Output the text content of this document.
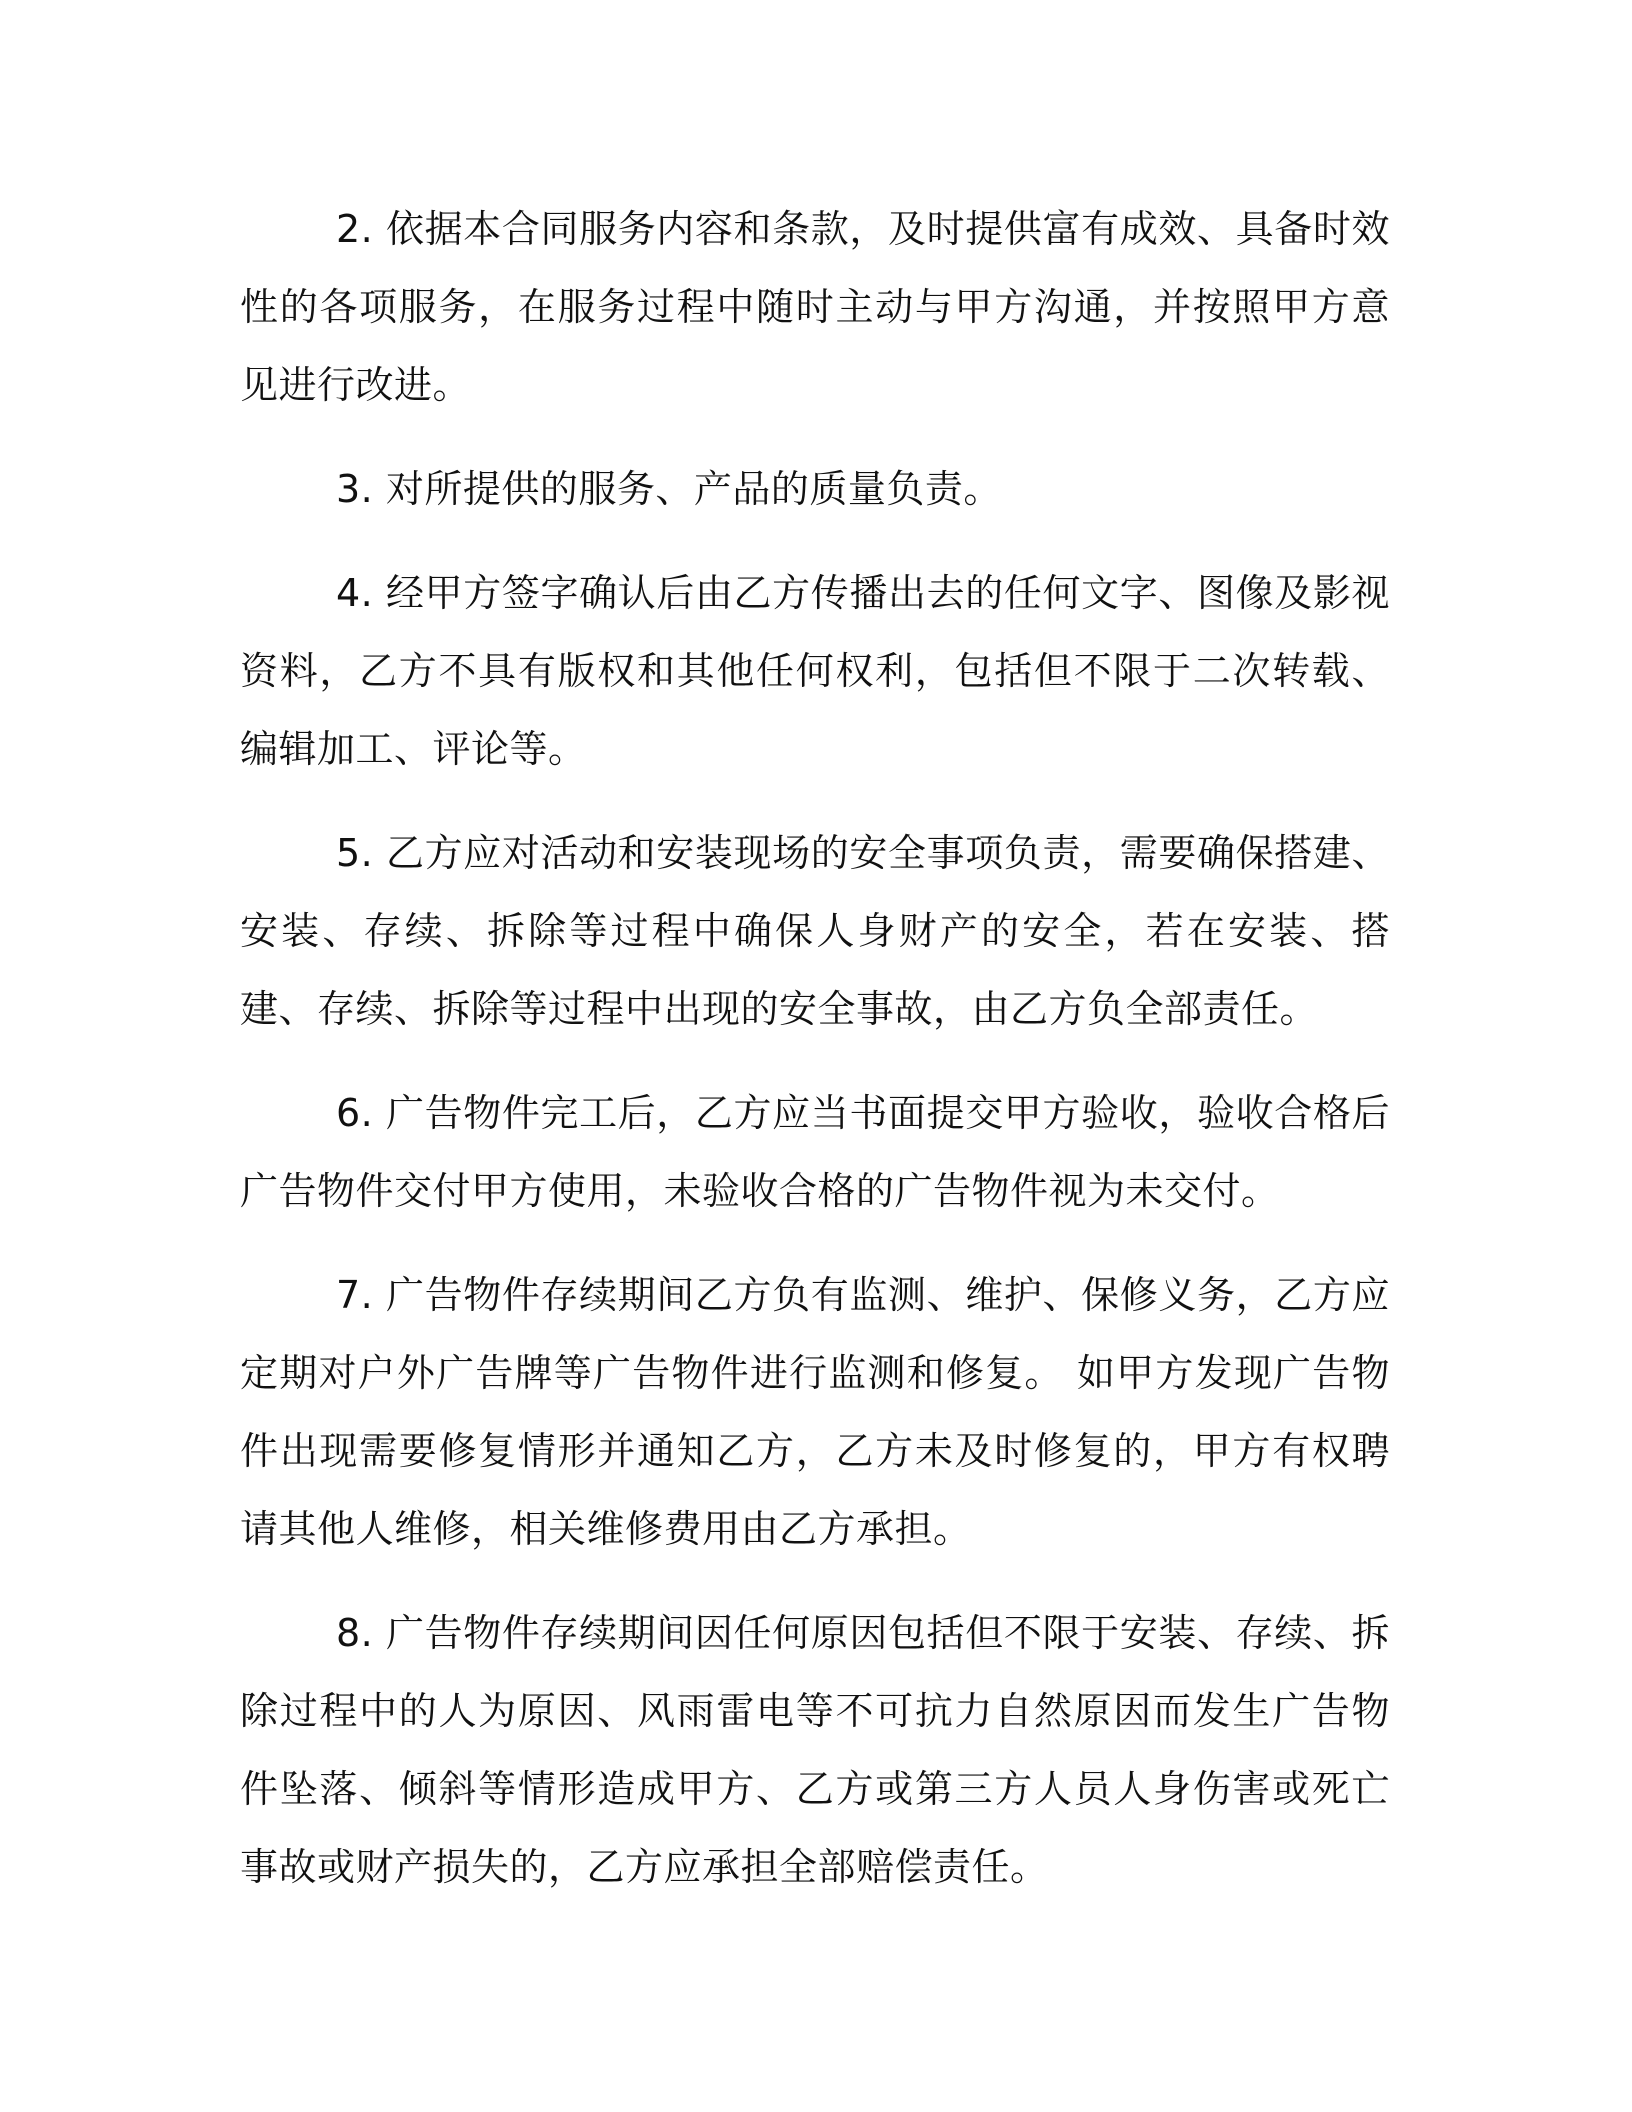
2. 依据本合同服务内容和条款，及时提供富有成效、具备时效性的各项服务，在服务过程中随时主动与甲方沟通，并按照甲方意见进行改进。

3. 对所提供的服务、产品的质量负责。

4. 经甲方签字确认后由乙方传播出去的任何文字、图像及影视资料，乙方不具有版权和其他任何权利，包括但不限于二次转载、编辑加工、评论等。

5. 乙方应对活动和安装现场的安全事项负责，需要确保搭建、安装、存续、拆除等过程中确保人身财产的安全，若在安装、搭建、存续、拆除等过程中出现的安全事故，由乙方负全部责任。

6. 广告物件完工后，乙方应当书面提交甲方验收，验收合格后广告物件交付甲方使用，未验收合格的广告物件视为未交付。

7. 广告物件存续期间乙方负有监测、维护、保修义务，乙方应定期对户外广告牌等广告物件进行监测和修复。 如甲方发现广告物件出现需要修复情形并通知乙方，乙方未及时修复的，甲方有权聘请其他人维修，相关维修费用由乙方承担。

8. 广告物件存续期间因任何原因包括但不限于安装、存续、拆除过程中的人为原因、风雨雷电等不可抗力自然原因而发生广告物件坠落、倾斜等情形造成甲方、乙方或第三方人员人身伤害或死亡事故或财产损失的，乙方应承担全部赔偿责任。
